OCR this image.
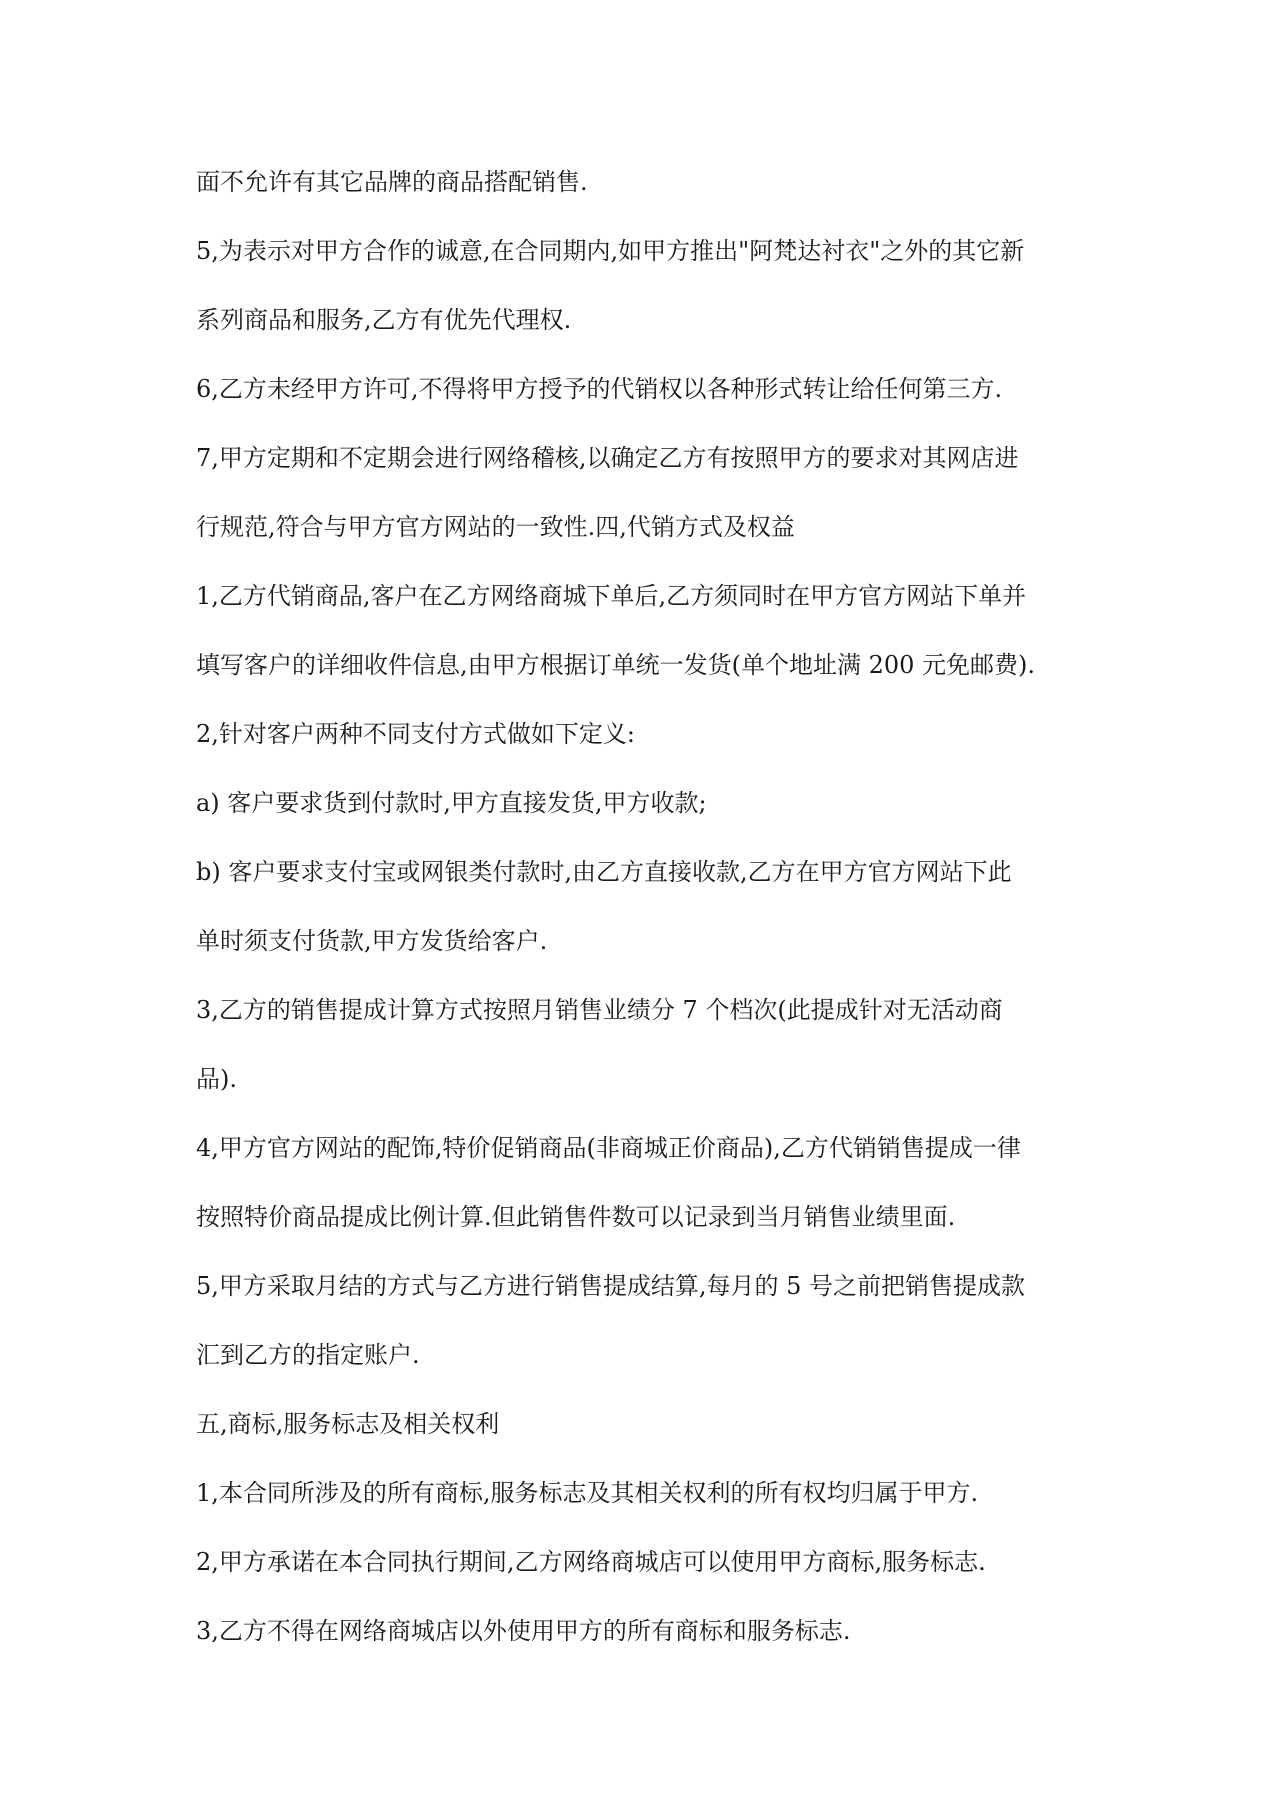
面不允许有其它品牌的商品搭配销售.
5,为表示对甲方合作的诚意,在合同期内,如甲方推出"阿梵达衬衣"之外的其它新
系列商品和服务,乙方有优先代理权.
6,乙方未经甲方许可,不得将甲方授予的代销权以各种形式转让给任何第三方.
7,甲方定期和不定期会进行网络稽核,以确定乙方有按照甲方的要求对其网店进
行规范,符合与甲方官方网站的一致性.四,代销方式及权益
1,乙方代销商品,客户在乙方网络商城下单后,乙方须同时在甲方官方网站下单并
填写客户的详细收件信息,由甲方根据订单统一发货(单个地址满 200 元免邮费).
2,针对客户两种不同支付方式做如下定义:
a) 客户要求货到付款时,甲方直接发货,甲方收款;
b) 客户要求支付宝或网银类付款时,由乙方直接收款,乙方在甲方官方网站下此
单时须支付货款,甲方发货给客户.
3,乙方的销售提成计算方式按照月销售业绩分 7 个档次(此提成针对无活动商
品).
4,甲方官方网站的配饰,特价促销商品(非商城正价商品),乙方代销销售提成一律
按照特价商品提成比例计算.但此销售件数可以记录到当月销售业绩里面.
5,甲方采取月结的方式与乙方进行销售提成结算,每月的 5 号之前把销售提成款
汇到乙方的指定账户.
五,商标,服务标志及相关权利
1,本合同所涉及的所有商标,服务标志及其相关权利的所有权均归属于甲方.
2,甲方承诺在本合同执行期间,乙方网络商城店可以使用甲方商标,服务标志.
3,乙方不得在网络商城店以外使用甲方的所有商标和服务标志.
